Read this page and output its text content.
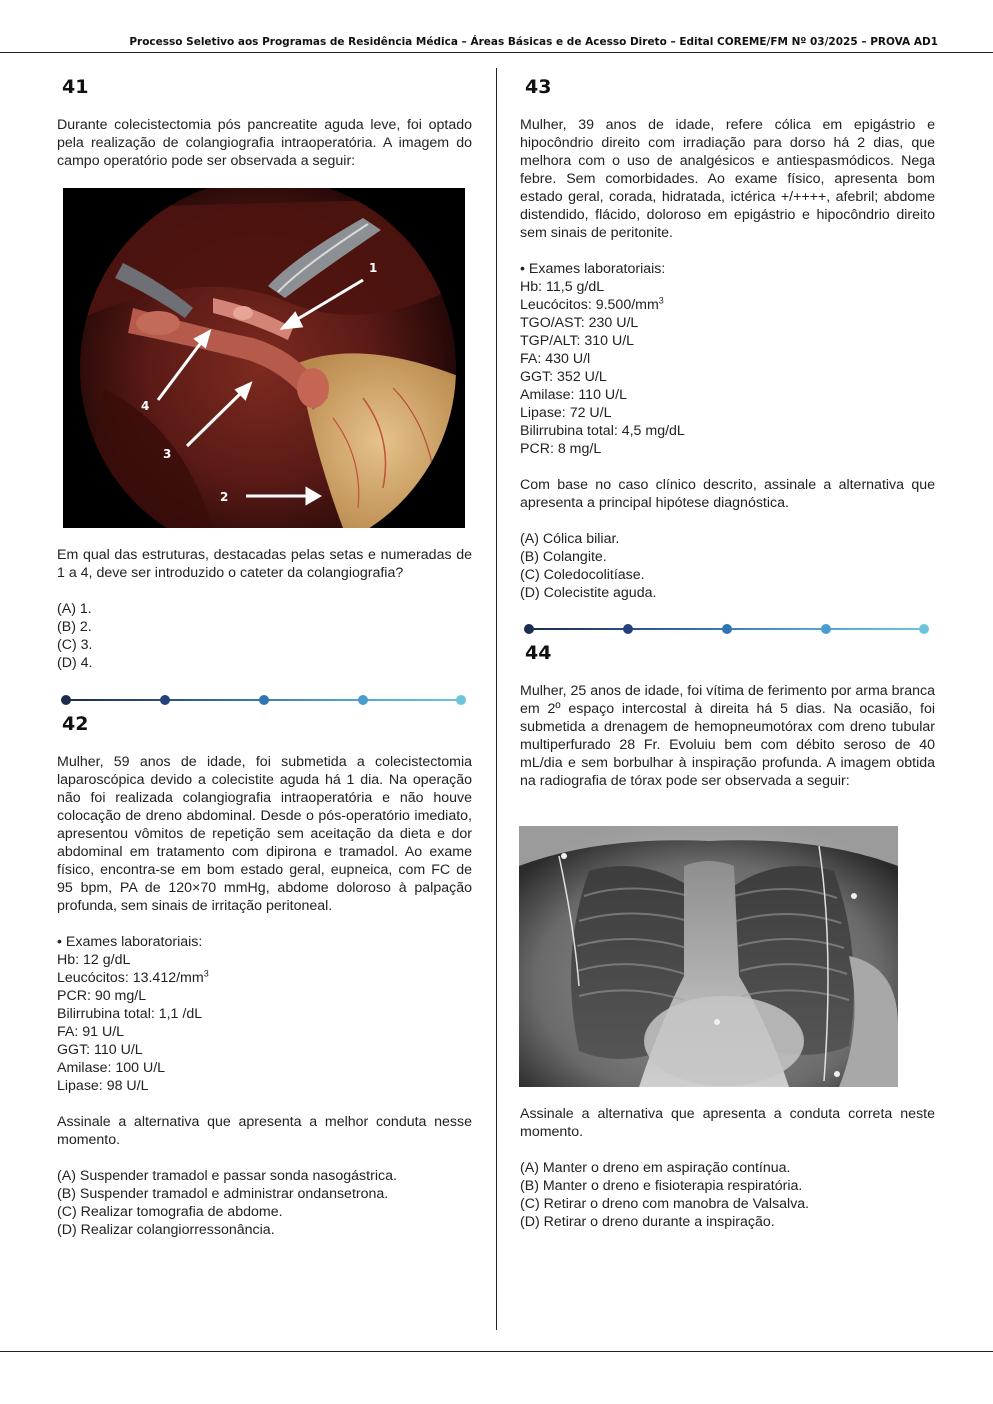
Processo Seletivo aos Programas de Residência Médica – Áreas Básicas e de Acesso Direto – Edital COREME/FM Nº 03/2025 – PROVA AD1
41

Durante colecistectomia pós pancreatite aguda leve, foi optado pela realização de colangiografia intraoperatória. A imagem do campo operatório pode ser observada a seguir:

1
2
3
4

Em qual das estruturas, destacadas pelas setas e numeradas de 1 a 4, deve ser introduzido o cateter da colangiografia?

(A) 1.
(B) 2.
(C) 3.
(D) 4.
42

Mulher, 59 anos de idade, foi submetida a colecistectomia laparoscópica devido a colecistite aguda há 1 dia. Na operação não foi realizada colangiografia intraoperatória e não houve colocação de dreno abdominal. Desde o pós-operatório imediato, apresentou vômitos de repetição sem aceitação da dieta e dor abdominal em tratamento com dipirona e tramadol. Ao exame físico, encontra-se em bom estado geral, eupneica, com FC de 95 bpm, PA de 120×70 mmHg, abdome doloroso à palpação profunda, sem sinais de irritação peritoneal.

• Exames laboratoriais:
Hb: 12 g/dL
Leucócitos: $13.412/mm^3$
PCR: 90 mg/L
Bilirrubina total: 1,1 /dL
FA: 91 U/L
GGT: 110 U/L
Amilase: 100 U/L
Lipase: 98 U/L

Assinale a alternativa que apresenta a melhor conduta nesse momento.

(A) Suspender tramadol e passar sonda nasogástrica.
(B) Suspender tramadol e administrar ondansetrona.
(C) Realizar tomografia de abdome.
(D) Realizar colangiorressonância.
43

Mulher, 39 anos de idade, refere cólica em epigástrio e hipocôndrio direito com irradiação para dorso há 2 dias, que melhora com o uso de analgésicos e antiespasmódicos. Nega febre. Sem comorbidades. Ao exame físico, apresenta bom estado geral, corada, hidratada, ictérica +/++++, afebril; abdome distendido, flácido, doloroso em epigástrio e hipocôndrio direito sem sinais de peritonite.

• Exames laboratoriais:
Hb: 11,5 g/dL
Leucócitos: $9.500/mm^3$
TGO/AST: 230 U/L
TGP/ALT: 310 U/L
FA: 430 U/l
GGT: 352 U/L
Amilase: 110 U/L
Lipase: 72 U/L
Bilirrubina total: 4,5 mg/dL
PCR: 8 mg/L

Com base no caso clínico descrito, assinale a alternativa que apresenta a principal hipótese diagnóstica.

(A) Cólica biliar.
(B) Colangite.
(C) Coledocolitíase.
(D) Colecistite aguda.
44

Mulher, 25 anos de idade, foi vítima de ferimento por arma branca em 2º espaço intercostal à direita há 5 dias. Na ocasião, foi submetida a drenagem de hemopneumotórax com dreno tubular multiperfurado 28 Fr. Evoluiu bem com débito seroso de 40 mL/dia e sem borbulhar à inspiração profunda. A imagem obtida na radiografia de tórax pode ser observada a seguir:

Assinale a alternativa que apresenta a conduta correta neste momento.

(A) Manter o dreno em aspiração contínua.
(B) Manter o dreno e fisioterapia respiratória.
(C) Retirar o dreno com manobra de Valsalva.
(D) Retirar o dreno durante a inspiração.
